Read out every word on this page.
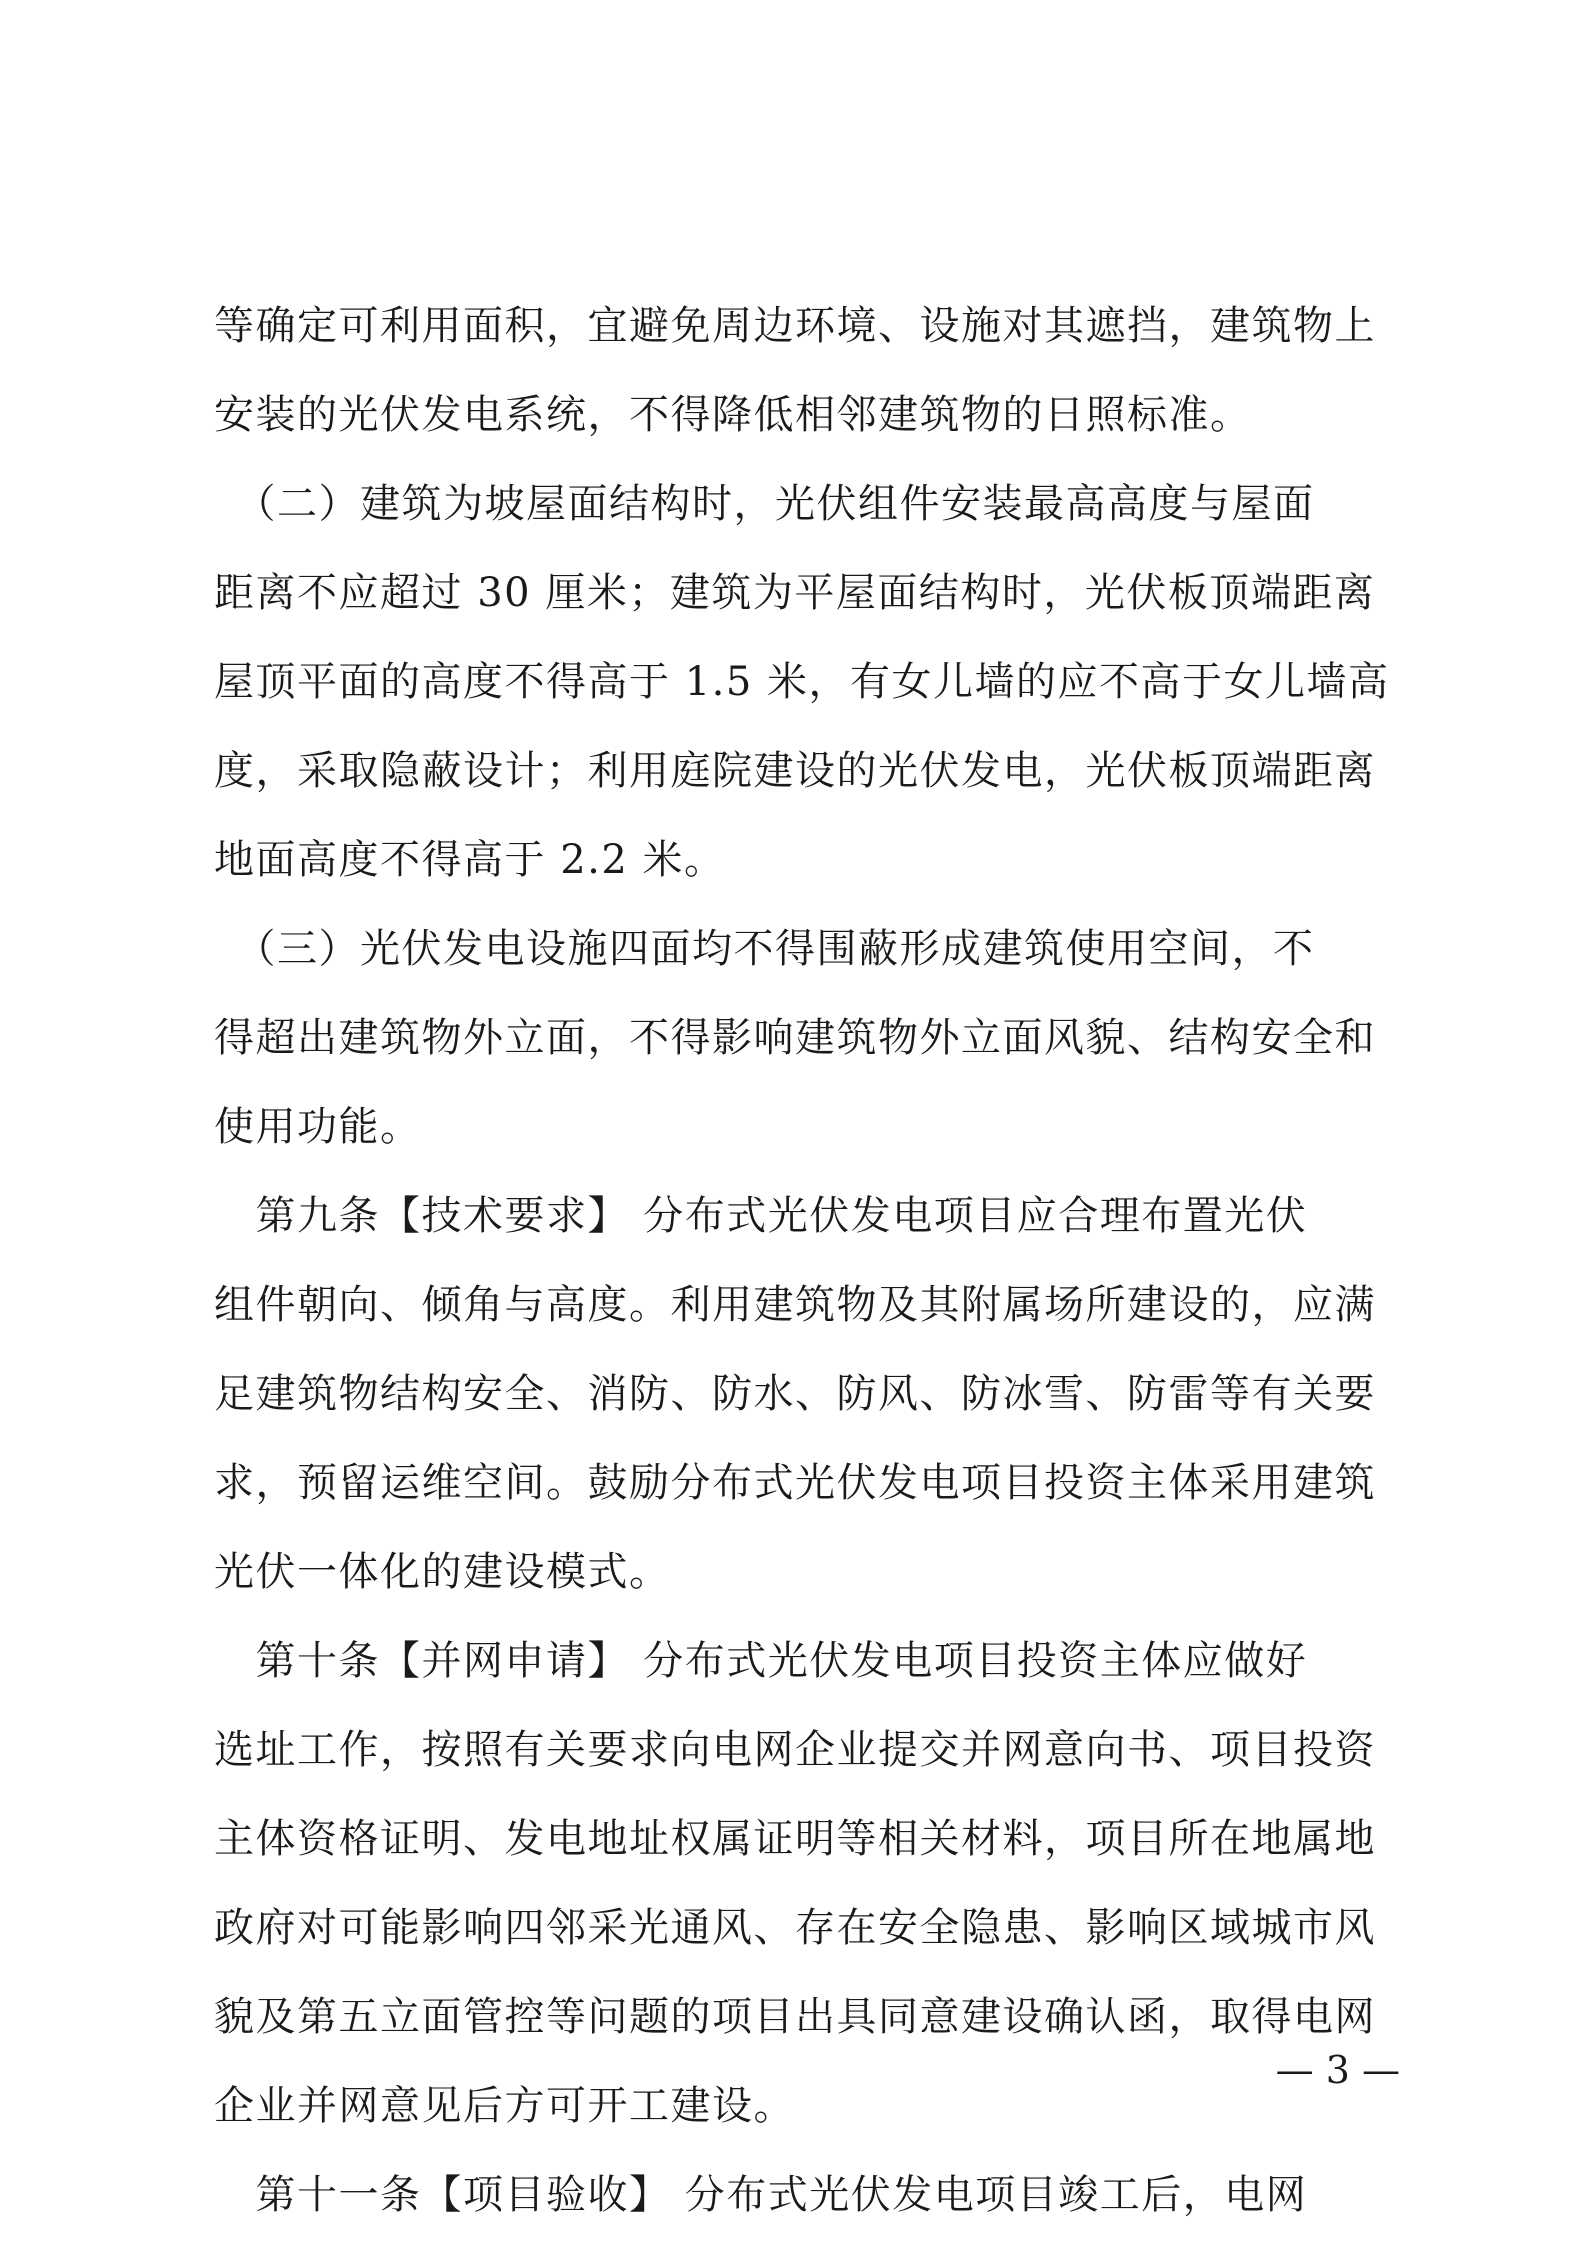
等确定可利用面积，宜避免周边环境、设施对其遮挡，建筑物上
安装的光伏发电系统，不得降低相邻建筑物的日照标准。
　（二）建筑为坡屋面结构时，光伏组件安装最高高度与屋面
距离不应超过 30 厘米；建筑为平屋面结构时，光伏板顶端距离
屋顶平面的高度不得高于 1.5 米，有女儿墙的应不高于女儿墙高
度，采取隐蔽设计；利用庭院建设的光伏发电，光伏板顶端距离
地面高度不得高于 2.2 米。
　（三）光伏发电设施四面均不得围蔽形成建筑使用空间，不
得超出建筑物外立面，不得影响建筑物外立面风貌、结构安全和
使用功能。
　第九条【技术要求】 分布式光伏发电项目应合理布置光伏
组件朝向、倾角与高度。利用建筑物及其附属场所建设的，应满
足建筑物结构安全、消防、防水、防风、防冰雪、防雷等有关要
求，预留运维空间。鼓励分布式光伏发电项目投资主体采用建筑
光伏一体化的建设模式。
　第十条【并网申请】 分布式光伏发电项目投资主体应做好
选址工作，按照有关要求向电网企业提交并网意向书、项目投资
主体资格证明、发电地址权属证明等相关材料，项目所在地属地
政府对可能影响四邻采光通风、存在安全隐患、影响区域城市风
貌及第五立面管控等问题的项目出具同意建设确认函，取得电网
企业并网意见后方可开工建设。
　第十一条【项目验收】 分布式光伏发电项目竣工后，电网
— 3 —
